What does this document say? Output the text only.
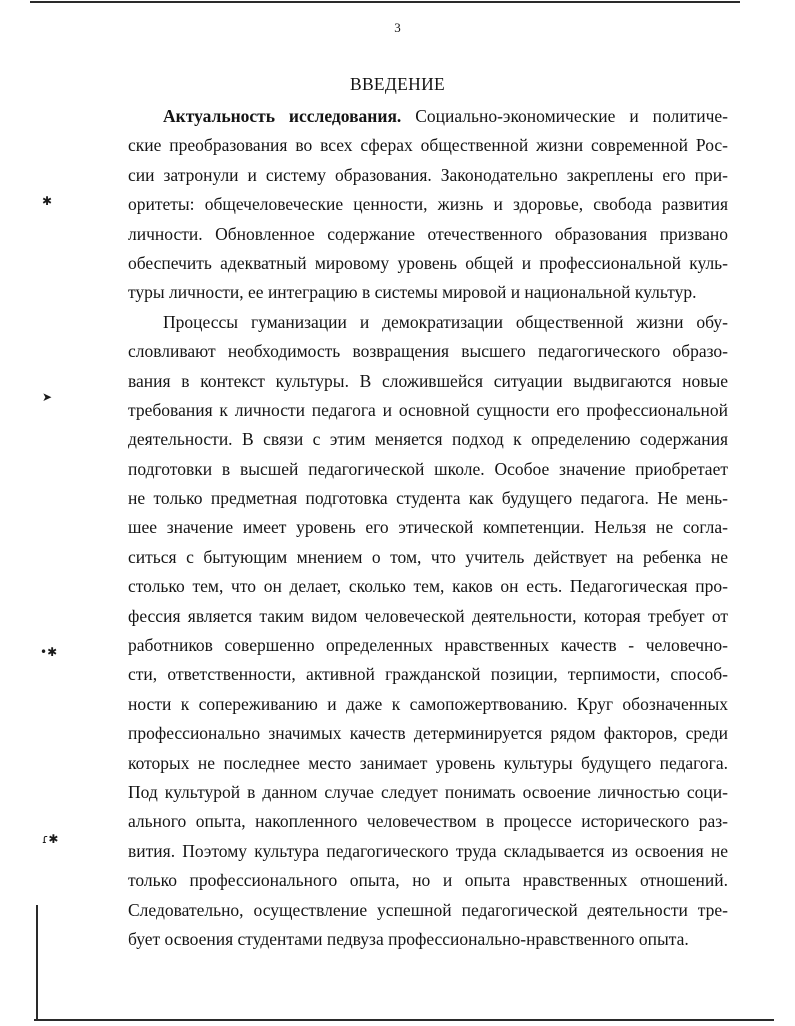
3
ВВЕДЕНИЕ
✱
➤
•✱
ɾ✱
Актуальность исследования. Социально-экономические и политиче-
ские преобразования во всех сферах общественной жизни современной Рос-
сии затронули и систему образования. Законодательно закреплены его при-
оритеты: общечеловеческие ценности, жизнь и здоровье, свобода развития
личности. Обновленное содержание отечественного образования призвано
обеспечить адекватный мировому уровень общей и профессиональной куль-
туры личности, ее интеграцию в системы мировой и национальной культур.
Процессы гуманизации и демократизации общественной жизни обу-
словливают необходимость возвращения высшего педагогического образо-
вания в контекст культуры. В сложившейся ситуации выдвигаются новые
требования к личности педагога и основной сущности его профессиональной
деятельности. В связи с этим меняется подход к определению содержания
подготовки в высшей педагогической школе. Особое значение приобретает
не только предметная подготовка студента как будущего педагога. Не мень-
шее значение имеет уровень его этической компетенции. Нельзя не согла-
ситься с бытующим мнением о том, что учитель действует на ребенка не
столько тем, что он делает, сколько тем, каков он есть. Педагогическая про-
фессия является таким видом человеческой деятельности, которая требует от
работников совершенно определенных нравственных качеств - человечно-
сти, ответственности, активной гражданской позиции, терпимости, способ-
ности к сопереживанию и даже к самопожертвованию. Круг обозначенных
профессионально значимых качеств детерминируется рядом факторов, среди
которых не последнее место занимает уровень культуры будущего педагога.
Под культурой в данном случае следует понимать освоение личностью соци-
ального опыта, накопленного человечеством в процессе исторического раз-
вития. Поэтому культура педагогического труда складывается из освоения не
только профессионального опыта, но и опыта нравственных отношений.
Следовательно, осуществление успешной педагогической деятельности тре-
бует освоения студентами педвуза профессионально-нравственного опыта.
